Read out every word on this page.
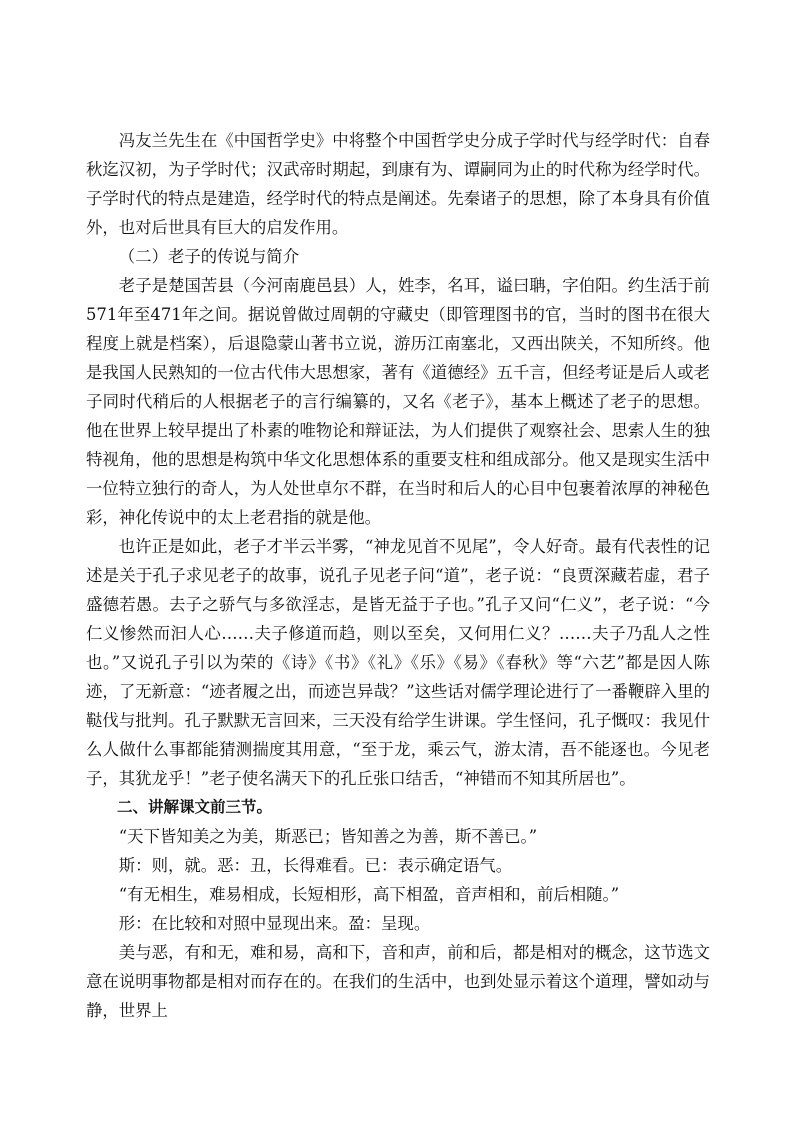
冯友兰先生在《中国哲学史》中将整个中国哲学史分成子学时代与经学时代：自春秋迄汉初，为子学时代；汉武帝时期起，到康有为、谭嗣同为止的时代称为经学时代。子学时代的特点是建造，经学时代的特点是阐述。先秦诸子的思想，除了本身具有价值外，也对后世具有巨大的启发作用。

（二）老子的传说与简介

老子是楚国苦县（今河南鹿邑县）人，姓李，名耳，谥曰聃，字伯阳。约生活于前571年至471年之间。据说曾做过周朝的守藏史（即管理图书的官，当时的图书在很大程度上就是档案），后退隐蒙山著书立说，游历江南塞北，又西出陕关，不知所终。他是我国人民熟知的一位古代伟大思想家，著有《道德经》五千言，但经考证是后人或老子同时代稍后的人根据老子的言行编纂的，又名《老子》，基本上概述了老子的思想。他在世界上较早提出了朴素的唯物论和辩证法，为人们提供了观察社会、思索人生的独特视角，他的思想是构筑中华文化思想体系的重要支柱和组成部分。他又是现实生活中一位特立独行的奇人，为人处世卓尔不群，在当时和后人的心目中包裹着浓厚的神秘色彩，神化传说中的太上老君指的就是他。

也许正是如此，老子才半云半雾，“神龙见首不见尾”，令人好奇。最有代表性的记述是关于孔子求见老子的故事，说孔子见老子问“道”，老子说：“良贾深藏若虚，君子盛德若愚。去子之骄气与多欲淫志，是皆无益于子也。”孔子又问“仁义”，老子说：“今仁义惨然而汩人心……夫子修道而趋，则以至矣，又何用仁义？……夫子乃乱人之性也。”又说孔子引以为荣的《诗》《书》《礼》《乐》《易》《春秋》等“六艺”都是因人陈迹，了无新意：“迹者履之出，而迹岂异哉？”这些话对儒学理论进行了一番鞭辟入里的鞑伐与批判。孔子默默无言回来，三天没有给学生讲课。学生怪问，孔子慨叹：我见什么人做什么事都能猜测揣度其用意，“至于龙，乘云气，游太清，吾不能逐也。今见老子，其犹龙乎！”老子使名满天下的孔丘张口结舌，“神错而不知其所居也”。

二、讲解课文前三节。

“天下皆知美之为美，斯恶已；皆知善之为善，斯不善已。”

斯：则，就。恶：丑，长得难看。已：表示确定语气。

“有无相生，难易相成，长短相形，高下相盈，音声相和，前后相随。”

形：在比较和对照中显现出来。盈：呈现。

美与恶，有和无，难和易，高和下，音和声，前和后，都是相对的概念，这节选文意在说明事物都是相对而存在的。在我们的生活中，也到处显示着这个道理，譬如动与静，世界上
